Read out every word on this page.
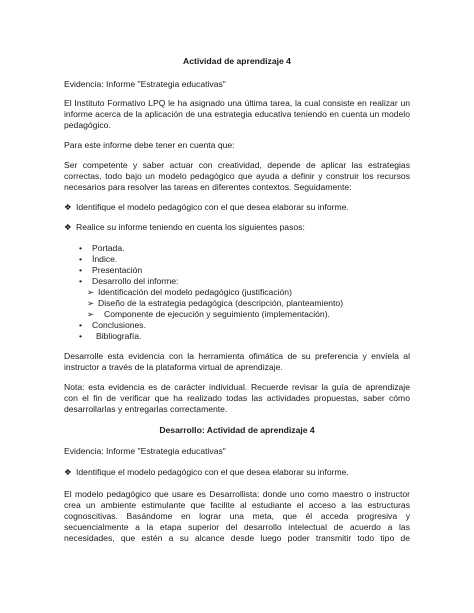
Actividad de aprendizaje 4
Evidencia: Informe "Estrategia educativas"
El Instituto Formativo LPQ le ha asignado una última tarea, la cual consiste en realizar un
informe acerca de la aplicación de una estrategia educativa teniendo en cuenta un modelo
pedagógico.
Para este informe debe tener en cuenta que:
Ser competente y saber actuar con creatividad, depende de aplicar las estrategias
correctas, todo bajo un modelo pedagógico que ayuda a definir y construir los recursos
necesarios para resolver las tareas en diferentes contextos. Seguidamente:
❖ Identifique el modelo pedagógico con el que desea elaborar su informe.
❖ Realice su informe teniendo en cuenta los siguientes pasos:
• Portada.
• Índice.
• Presentación
• Desarrollo del informe:
➢ Identificación del modelo pedagógico (justificación)
➢ Diseño de la estrategia pedagógica (descripción, planteamiento)
➢ Componente de ejecución y seguimiento (implementación).
• Conclusiones.
• Bibliografía.
Desarrolle esta evidencia con la herramienta ofimática de su preferencia y envíela al
instructor a través de la plataforma virtual de aprendizaje.
Nota: esta evidencia es de carácter individual. Recuerde revisar la guía de aprendizaje
con el fin de verificar que ha realizado todas las actividades propuestas, saber cómo
desarrollarlas y entregarlas correctamente.
Desarrollo: Actividad de aprendizaje 4
Evidencia: Informe "Estrategia educativas"
❖ Identifique el modelo pedagógico con el que desea elaborar su informe.
El modelo pedagógico que usare es Desarrollista: donde uno como maestro o instructor
crea un ambiente estimulante que facilite al estudiante el acceso a las estructuras
cognoscitivas. Basándome en lograr una meta, que él acceda progresiva y
secuencialmente a la etapa superior del desarrollo intelectual de acuerdo a las
necesidades, que estén a su alcance desde luego poder transmitir todo tipo de
